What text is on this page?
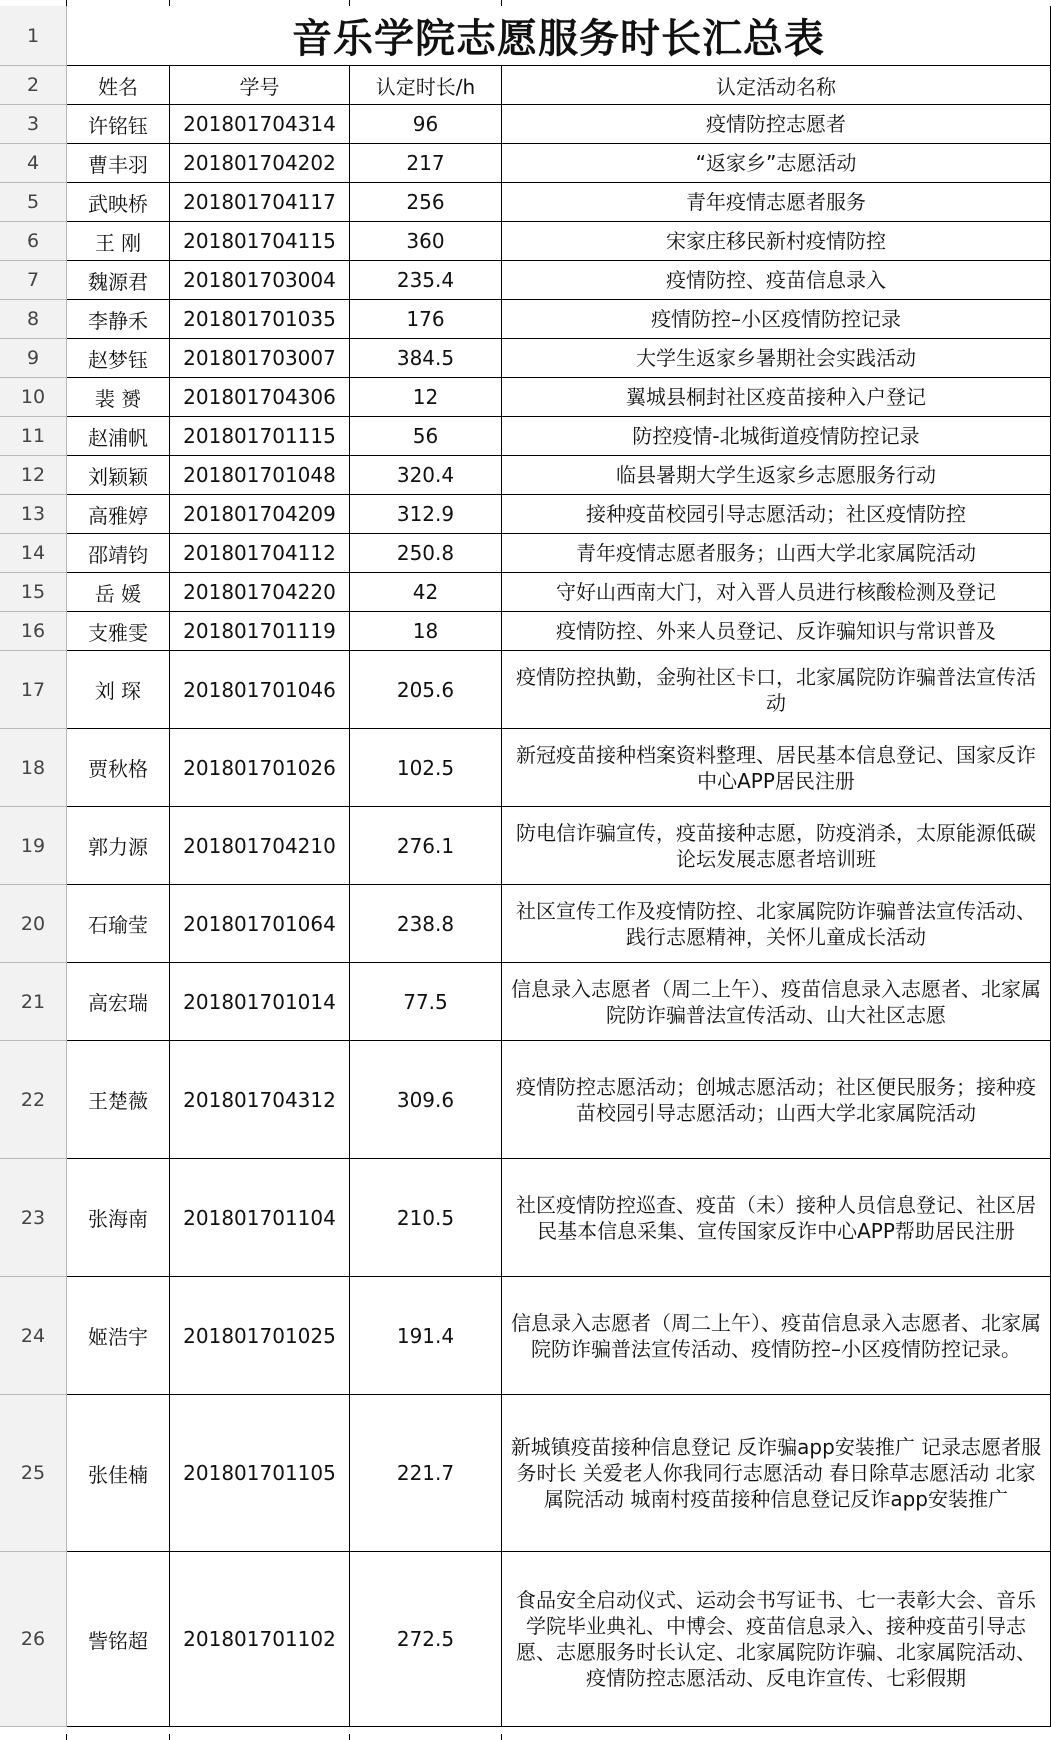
1	音乐学院志愿服务时长汇总表
2	姓名	学号	认定时长/h	认定活动名称
3	许铭钰	201801704314	96	疫情防控志愿者
4	曹丰羽	201801704202	217	“返家乡”志愿活动
5	武映桥	201801704117	256	青年疫情志愿者服务
6	王 刚	201801704115	360	宋家庄移民新村疫情防控
7	魏源君	201801703004	235.4	疫情防控、疫苗信息录入
8	李静禾	201801701035	176	疫情防控–小区疫情防控记录
9	赵梦钰	201801703007	384.5	大学生返家乡暑期社会实践活动
10	裴 赟	201801704306	12	翼城县桐封社区疫苗接种入户登记
11	赵浦帆	201801701115	56	防控疫情-北城街道疫情防控记录
12	刘颖颖	201801701048	320.4	临县暑期大学生返家乡志愿服务行动
13	高雅婷	201801704209	312.9	接种疫苗校园引导志愿活动；社区疫情防控
14	邵靖钧	201801704112	250.8	青年疫情志愿者服务；山西大学北家属院活动
15	岳 媛	201801704220	42	守好山西南大门，对入晋人员进行核酸检测及登记
16	支雅雯	201801701119	18	疫情防控、外来人员登记、反诈骗知识与常识普及
17	刘 琛	201801701046	205.6
疫情防控执勤，金驹社区卡口，北家属院防诈骗普法宣传活动
18	贾秋格	201801701026	102.5
新冠疫苗接种档案资料整理、居民基本信息登记、国家反诈中心APP居民注册
19	郭力源	201801704210	276.1
防电信诈骗宣传，疫苗接种志愿，防疫消杀，太原能源低碳论坛发展志愿者培训班
20	石瑜莹	201801701064	238.8
社区宣传工作及疫情防控、北家属院防诈骗普法宣传活动、践行志愿精神，关怀儿童成长活动
21	高宏瑞	201801701014	77.5
信息录入志愿者（周二上午）、疫苗信息录入志愿者、北家属院防诈骗普法宣传活动、山大社区志愿
22	王楚薇	201801704312	309.6
疫情防控志愿活动；创城志愿活动；社区便民服务；接种疫苗校园引导志愿活动；山西大学北家属院活动
23	张海南	201801701104	210.5
社区疫情防控巡查、疫苗（未）接种人员信息登记、社区居民基本信息采集、宣传国家反诈中心APP帮助居民注册
24	姬浩宇	201801701025	191.4
信息录入志愿者（周二上午）、疫苗信息录入志愿者、北家属院防诈骗普法宣传活动、疫情防控–小区疫情防控记录。
25	张佳楠	201801701105	221.7
新城镇疫苗接种信息登记 反诈骗app安装推广 记录志愿者服务时长 关爱老人你我同行志愿活动 春日除草志愿活动 北家属院活动 城南村疫苗接种信息登记反诈app安装推广
26	訾铭超	201801701102	272.5
食品安全启动仪式、运动会书写证书、七一表彰大会、音乐学院毕业典礼、中博会、疫苗信息录入、接种疫苗引导志愿、志愿服务时长认定、北家属院防诈骗、北家属院活动、疫情防控志愿活动、反电诈宣传、七彩假期
